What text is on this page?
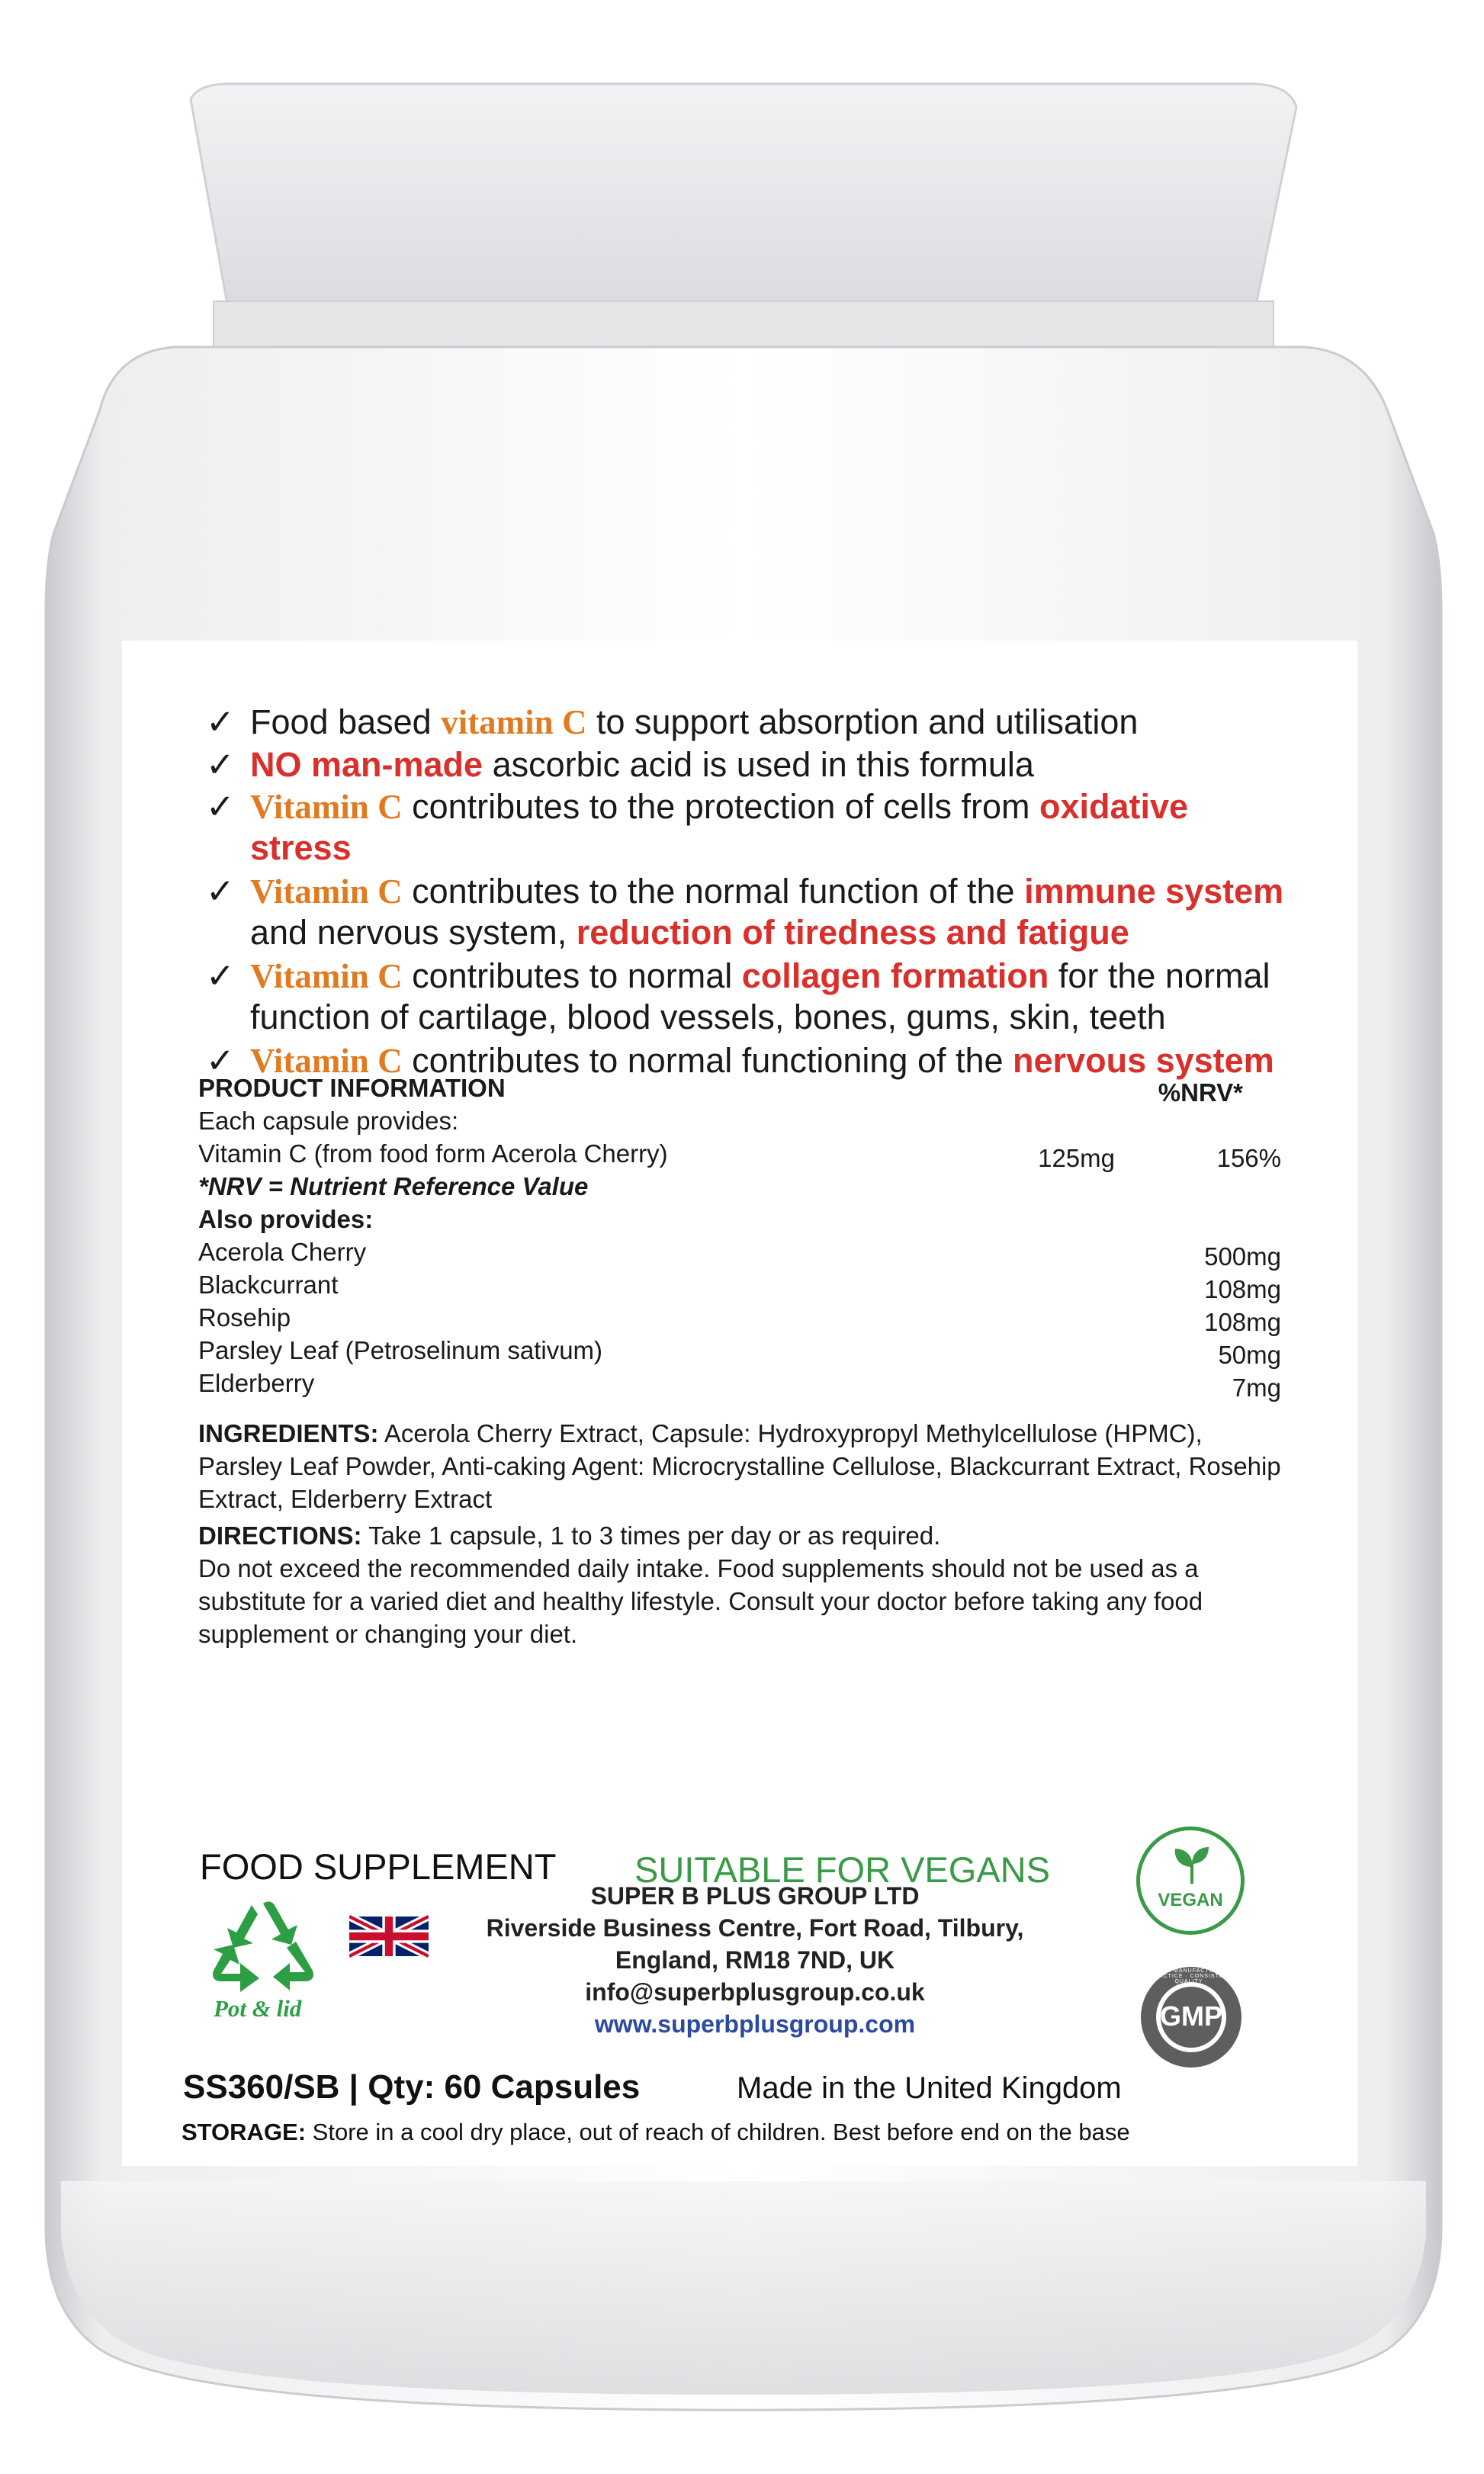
✓ Food based vitamin C to support absorption and utilisation
✓ NO man-made ascorbic acid is used in this formula
✓ Vitamin C contributes to the protection of cells from oxidative
stress
✓ Vitamin C contributes to the normal function of the immune system
and nervous system, reduction of tiredness and fatigue
✓ Vitamin C contributes to normal collagen formation for the normal
function of cartilage, blood vessels, bones, gums, skin, teeth
✓ Vitamin C contributes to normal functioning of the nervous system
PRODUCT INFORMATION	%NRV*
Each capsule provides:
Vitamin C (from food form Acerola Cherry)	125mg	156%
*NRV = Nutrient Reference Value
Also provides:
Acerola Cherry	500mg
Blackcurrant	108mg
Rosehip	108mg
Parsley Leaf (Petroselinum sativum)	50mg
Elderberry	7mg
INGREDIENTS: Acerola Cherry Extract, Capsule: Hydroxypropyl Methylcellulose (HPMC), Parsley Leaf Powder, Anti-caking Agent: Microcrystalline Cellulose, Blackcurrant Extract, Rosehip Extract, Elderberry Extract
DIRECTIONS: Take 1 capsule, 1 to 3 times per day or as required.
Do not exceed the recommended daily intake. Food supplements should not be used as a substitute for a varied diet and healthy lifestyle. Consult your doctor before taking any food supplement or changing your diet.
FOOD SUPPLEMENT SUITABLE FOR VEGANS
Pot & lid
SUPER B PLUS GROUP LTD
Riverside Business Centre, Fort Road, Tilbury,
England, RM18 7ND, UK
info@superbplusgroup.co.uk
www.superbplusgroup.com
VEGAN
GMP
GOOD MANUFACTURING PRACTICE · CONSISTENT QUALITY ·
SS360/SB | Qty: 60 Capsules	Made in the United Kingdom
STORAGE: Store in a cool dry place, out of reach of children. Best before end on the base
